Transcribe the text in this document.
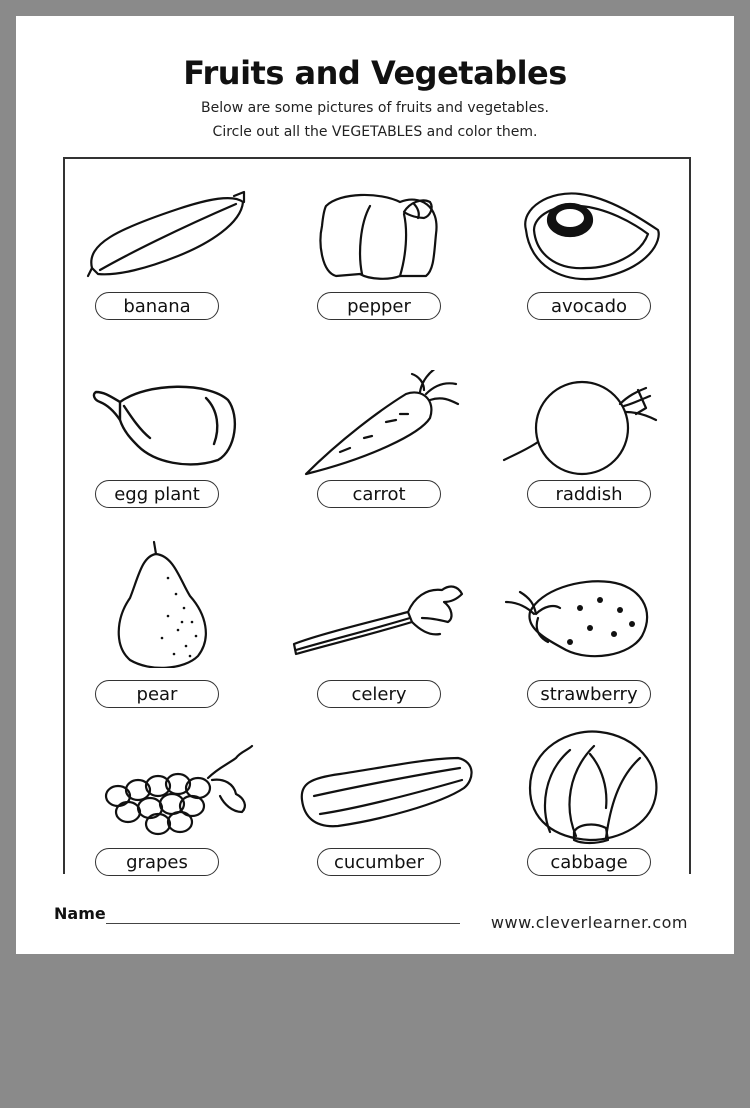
Fruits and Vegetables
Below are some pictures of fruits and vegetables.
Circle out all the VEGETABLES and color them.
banana	pepper	avocado
egg plant	carrot	raddish
pear	celery	strawberry
grapes	cucumber	cabbage
Name	www.cleverlearner.com
